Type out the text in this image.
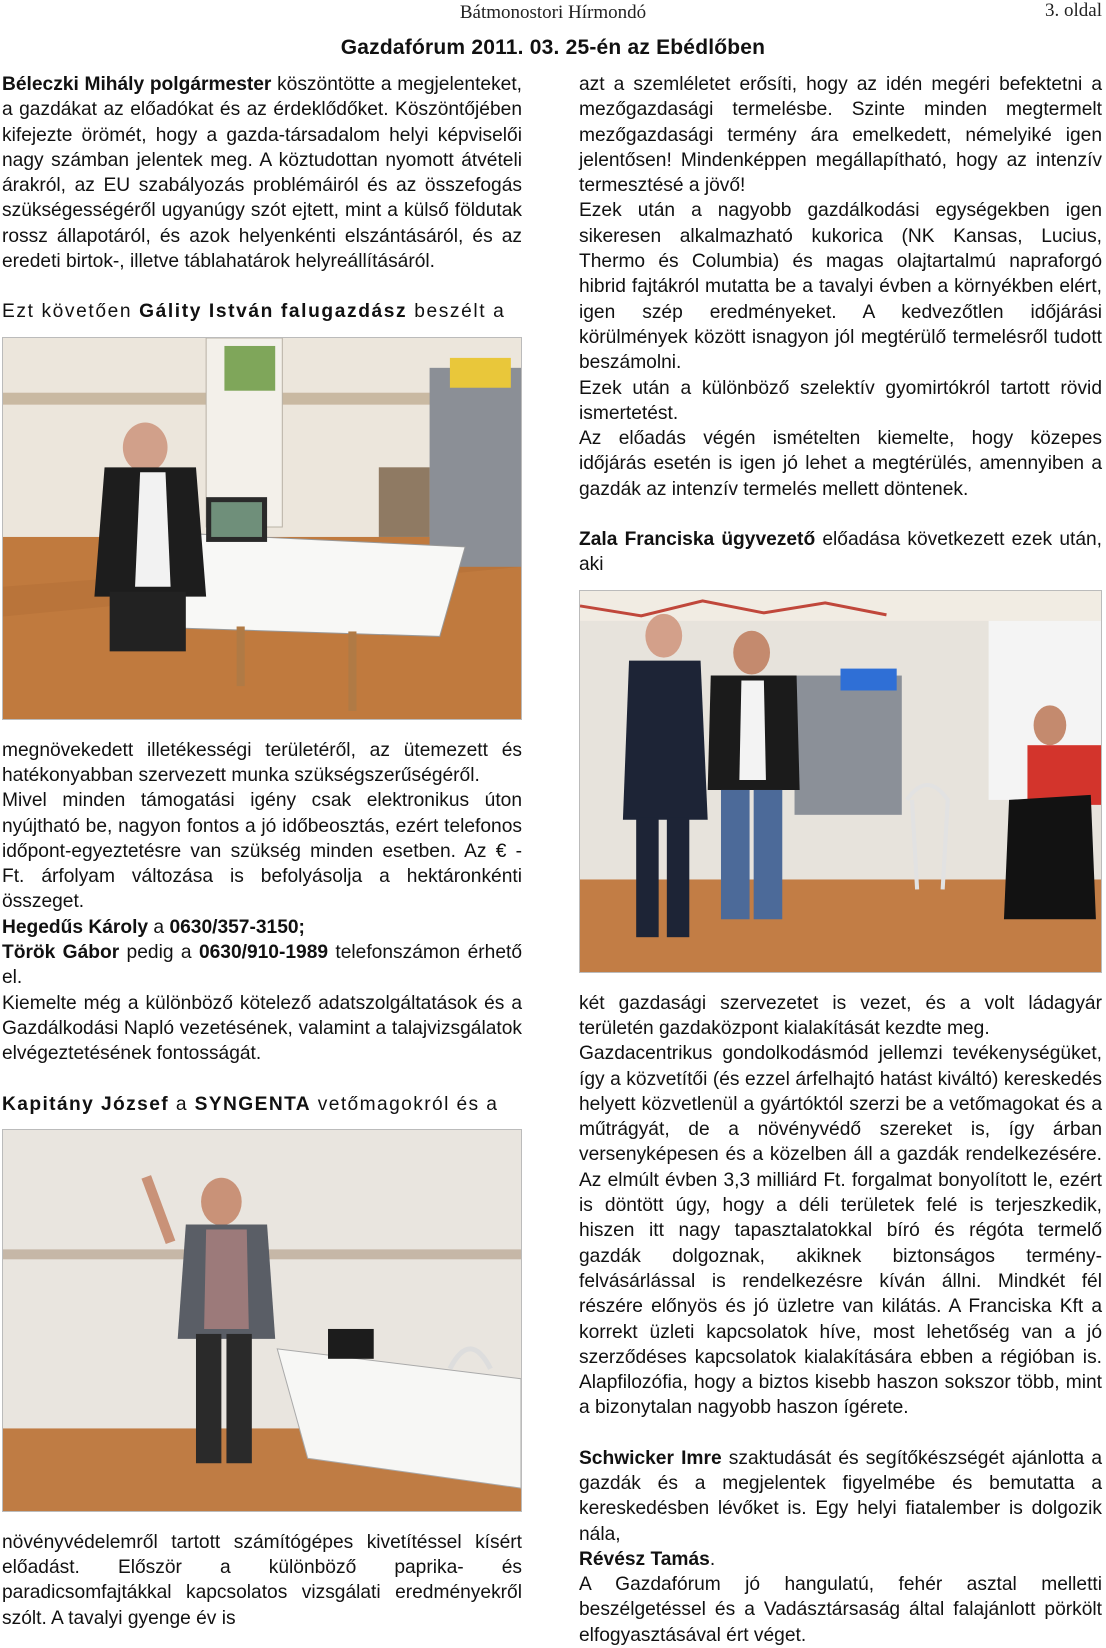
Bátmonostori Hírmondó	3. oldal
Gazdafórum 2011. 03. 25-én az Ebédlőben

Béleczki Mihály polgármester köszöntötte a megjelenteket, a gazdákat az előadókat és az érdeklődőket. Köszöntőjében kifejezte örömét, hogy a gazda-társadalom helyi képviselői nagy számban jelentek meg. A köztudottan nyomott átvételi árakról, az EU szabályozás problémáiról és az összefogás szükségességéről ugyanúgy szót ejtett, mint a külső földutak rossz állapotáról, és azok helyenkénti elszántásáról, és az eredeti birtok-, illetve táblahatárok helyreállításáról.

Ezt követően Gálity István falugazdász beszélt a

megnövekedett illetékességi területéről, az ütemezett és hatékonyabban szervezett munka szükségszerűségéről.

Mivel minden támogatási igény csak elektronikus úton nyújtható be, nagyon fontos a jó időbeosztás, ezért telefonos időpont-egyeztetésre van szükség minden esetben. Az € - Ft. árfolyam változása is befolyásolja a hektáronkénti összeget.

Hegedűs Károly a 0630/357-3150;

Török Gábor pedig a 0630/910-1989 telefonszámon érhető el.

Kiemelte még a különböző kötelező adatszolgáltatások és a Gazdálkodási Napló vezetésének, valamint a talajvizsgálatok elvégeztetésének fontosságát.

Kapitány József a SYNGENTA vetőmagokról és a

növényvédelemről tartott számítógépes kivetítéssel kísért előadást. Először a különböző paprika- és paradicsomfajtákkal kapcsolatos vizsgálati eredményekről szólt. A tavalyi gyenge év is

azt a szemléletet erősíti, hogy az idén megéri befektetni a mezőgazdasági termelésbe. Szinte minden megtermelt mezőgazdasági termény ára emelkedett, némelyiké igen jelentősen! Mindenképpen megállapítható, hogy az intenzív termesztésé a jövő!

Ezek után a nagyobb gazdálkodási egységekben igen sikeresen alkalmazható kukorica (NK Kansas, Lucius, Thermo és Columbia) és magas olajtartalmú napraforgó hibrid fajtákról mutatta be a tavalyi évben a környékben elért, igen szép eredményeket. A kedvezőtlen időjárási körülmények között isnagyon jól megtérülő termelésről tudott beszámolni.

Ezek után a különböző szelektív gyomirtókról tartott rövid ismertetést.

Az előadás végén ismételten kiemelte, hogy közepes időjárás esetén is igen jó lehet a megtérülés, amennyiben a gazdák az intenzív termelés mellett döntenek.

Zala Franciska ügyvezető előadása következett ezek után, aki

két gazdasági szervezetet is vezet, és a volt ládagyár területén gazdaközpont kialakítását kezdte meg.

Gazdacentrikus gondolkodásmód jellemzi tevékenységüket, így a közvetítői (és ezzel árfelhajtó hatást kiváltó) kereskedés helyett közvetlenül a gyártóktól szerzi be a vetőmagokat és a műtrágyát, de a növényvédő szereket is, így árban versenyképesen és a közelben áll a gazdák rendelkezésére. Az elmúlt évben 3,3 milliárd Ft. forgalmat bonyolított le, ezért is döntött úgy, hogy a déli területek felé is terjeszkedik, hiszen itt nagy tapasztalatokkal bíró és régóta termelő gazdák dolgoznak, akiknek biztonságos termény-felvásárlással is rendelkezésre kíván állni. Mindkét fél részére előnyös és jó üzletre van kilátás. A Franciska Kft a korrekt üzleti kapcsolatok híve, most lehetőség van a jó szerződéses kapcsolatok kialakítására ebben a régióban is. Alapfilozófia, hogy a biztos kisebb haszon sokszor több, mint a bizonytalan nagyobb haszon ígérete.

Schwicker Imre szaktudását és segítőkészségét ajánlotta a gazdák és a megjelentek figyelmébe és bemutatta a kereskedésben lévőket is. Egy helyi fiatalember is dolgozik nála,
Révész Tamás.

A Gazdafórum jó hangulatú, fehér asztal melletti beszélgetéssel és a Vadásztársaság által falajánlott pörkölt elfogyasztásával ért véget.
